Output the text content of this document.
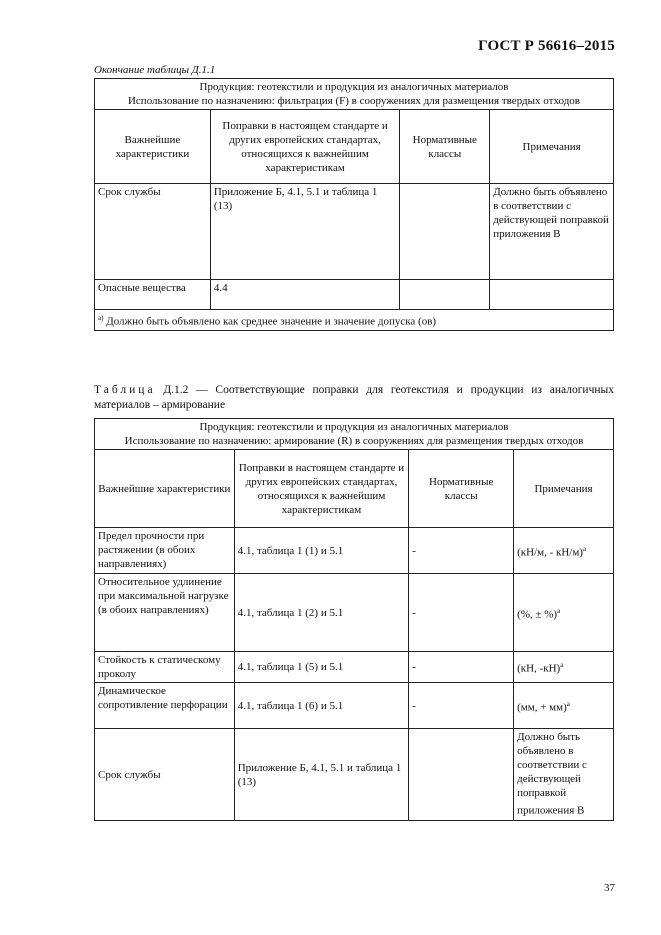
ГОСТ Р 56616–2015
Окончание таблицы Д.1.1
Продукция: геотекстили и продукция из аналогичных материалов
Использование по назначению: фильтрация (F) в сооружениях для размещения твердых отходов			

Важнейшие характеристики	Поправки в настоящем стандарте и других европейских стандартах, относящихся к важнейшим характеристикам	Нормативные классы	Примечания
Срок службы	Приложение Б, 4.1, 5.1 и таблица 1 (13)		Должно быть объявлено в соответствии с действующей поправкой приложения В
Опасные вещества	4.4		
$^{a)}$ Должно быть объявлено как среднее значение и значение допуска (ов)			
Таблица Д.1.2 — Соответствующие поправки для геотекстиля и продукции из аналогичных материалов – армирование
Продукция: геотекстили и продукция из аналогичных материалов
Использование по назначению: армирование (R) в сооружениях для размещения твердых отходов			

Важнейшие характеристики	Поправки в настоящем стандарте и других европейских стандартах, относящихся к важнейшим характеристикам	Нормативные классы	Примечания
Предел прочности при растяжении (в обоих направлениях)	4.1, таблица 1 (1) и 5.1	-	(кН/м, - кН/м)$^a$
Относительное удлинение при максимальной нагрузке (в обоих направлениях)	4.1, таблица 1 (2) и 5.1	-	(%, ± %)$^a$
Стойкость к статическому проколу	4.1, таблица 1 (5) и 5.1	-	(кН, -кН)$^a$
Динамическое сопротивление перфорации	4.1, таблица 1 (6) и 5.1	-	(мм, + мм)$^a$
Срок службы	Приложение Б, 4.1, 5.1 и таблица 1 (13)		Должно быть объявлено в соответствии с действующей поправкой приложения В
37
